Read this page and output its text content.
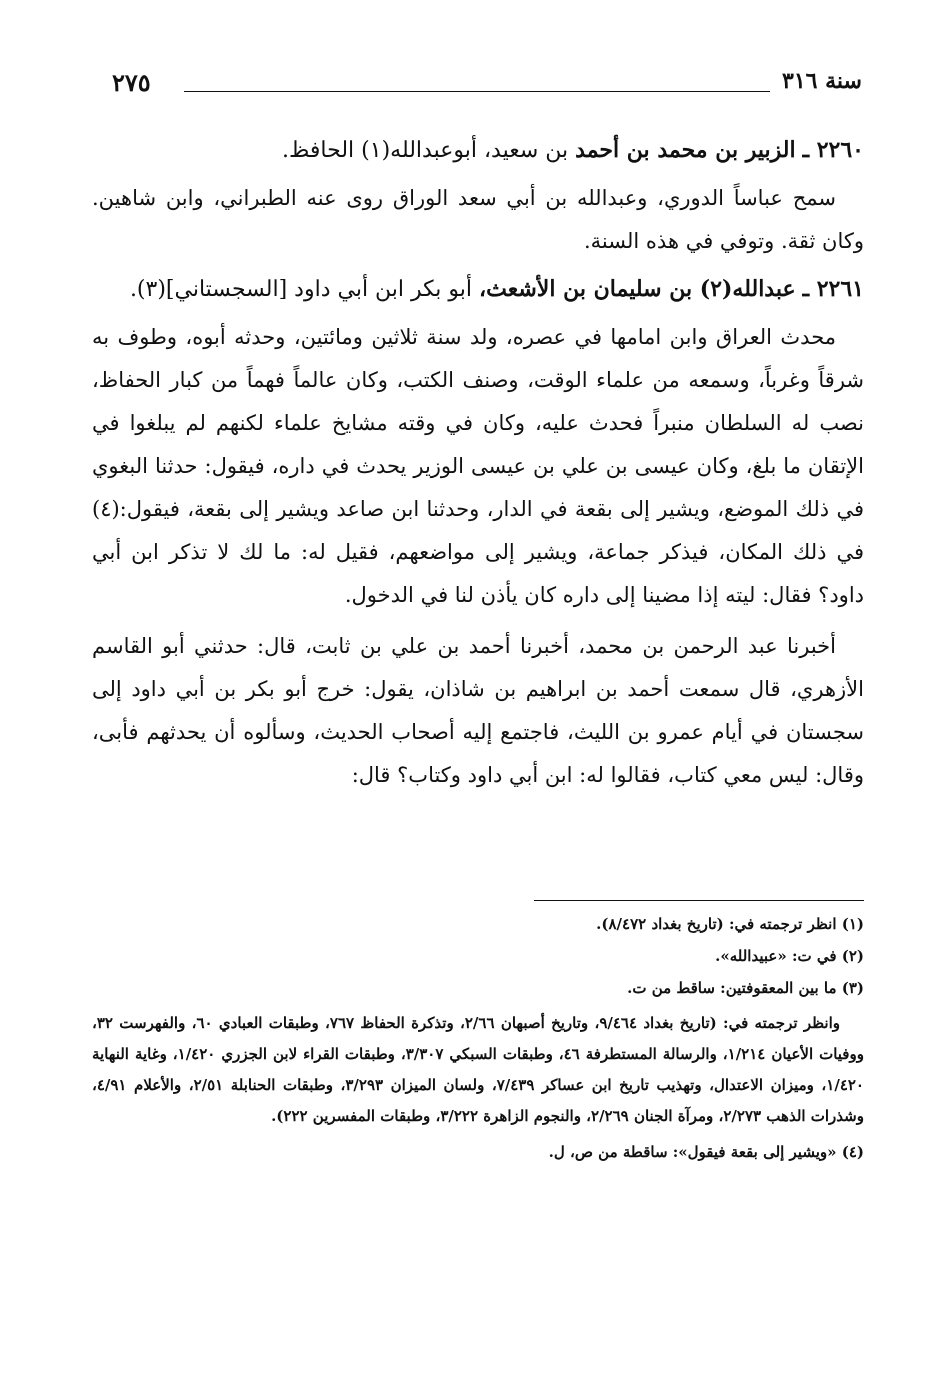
سنة ٣١٦
٢٧٥

٢٢٦٠ ـ الزبير بن محمد بن أحمد بن سعيد، أبوعبدالله(١) الحافظ.

سمح عباساً الدوري، وعبدالله بن أبي سعد الوراق روى عنه الطبراني، وابن شاهين. وكان ثقة. وتوفي في هذه السنة.

٢٢٦١ ـ عبدالله(٢) بن سليمان بن الأشعث، أبو بكر ابن أبي داود [السجستاني](٣).

محدث العراق وابن امامها في عصره، ولد سنة ثلاثين ومائتين، وحدثه أبوه، وطوف به شرقاً وغرباً، وسمعه من علماء الوقت، وصنف الكتب، وكان عالماً فهماً من كبار الحفاظ، نصب له السلطان منبراً فحدث عليه، وكان في وقته مشايخ علماء لكنهم لم يبلغوا في الإتقان ما بلغ، وكان عيسى بن علي بن عيسى الوزير يحدث في داره، فيقول: حدثنا البغوي في ذلك الموضع، ويشير إلى بقعة في الدار، وحدثنا ابن صاعد ويشير إلى بقعة، فيقول:(٤) في ذلك المكان، فيذكر جماعة، ويشير إلى مواضعهم، فقيل له: ما لك لا تذكر ابن أبي داود؟ فقال: ليته إذا مضينا إلى داره كان يأذن لنا في الدخول.

أخبرنا عبد الرحمن بن محمد، أخبرنا أحمد بن علي بن ثابت، قال: حدثني أبو القاسم الأزهري، قال سمعت أحمد بن ابراهيم بن شاذان، يقول: خرج أبو بكر بن أبي داود إلى سجستان في أيام عمرو بن الليث، فاجتمع إليه أصحاب الحديث، وسألوه أن يحدثهم فأبى، وقال: ليس معي كتاب، فقالوا له: ابن أبي داود وكتاب؟ قال:

(١) انظر ترجمته في: (تاريخ بغداد ٨/٤٧٢).

(٢) في ت: «عبيدالله».

(٣) ما بين المعقوفتين: ساقط من ت.

وانظر ترجمته في: (تاريخ بغداد ٩/٤٦٤، وتاريخ أصبهان ٢/٦٦، وتذكرة الحفاظ ٧٦٧، وطبقات العبادي ٦٠، والفهرست ٣٢، ووفيات الأعيان ١/٢١٤، والرسالة المستطرفة ٤٦، وطبقات السبكي ٣/٣٠٧، وطبقات القراء لابن الجزري ١/٤٢٠، وغاية النهاية ١/٤٢٠، وميزان الاعتدال، وتهذيب تاريخ ابن عساكر ٧/٤٣٩، ولسان الميزان ٣/٢٩٣، وطبقات الحنابلة ٢/٥١، والأعلام ٤/٩١، وشذرات الذهب ٢/٢٧٣، ومرآة الجنان ٢/٢٦٩، والنجوم الزاهرة ٣/٢٢٢، وطبقات المفسرين ٢٢٢).

(٤) «ويشير إلى بقعة فيقول»: ساقطة من ص، ل.
